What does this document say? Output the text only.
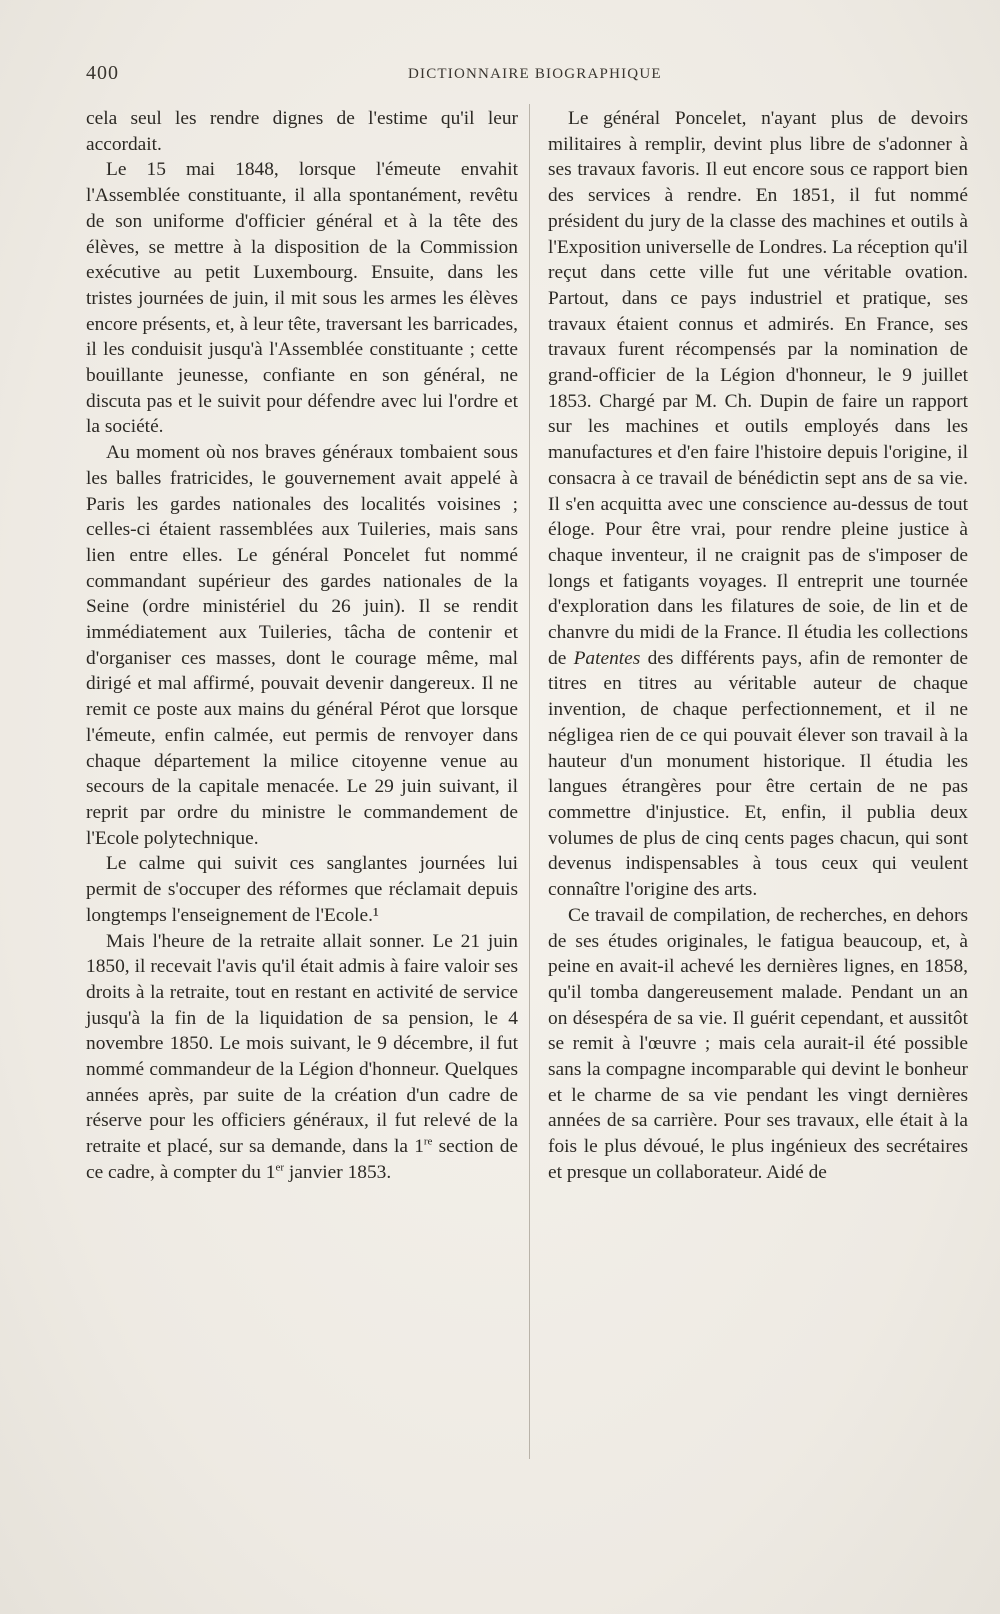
400	DICTIONNAIRE BIOGRAPHIQUE

cela seul les rendre dignes de l'estime qu'il leur accordait.

Le 15 mai 1848, lorsque l'émeute envahit l'Assemblée constituante, il alla spontanément, revêtu de son uniforme d'officier général et à la tête des élèves, se mettre à la disposition de la Commission exécutive au petit Luxembourg. Ensuite, dans les tristes journées de juin, il mit sous les armes les élèves encore présents, et, à leur tête, traversant les barricades, il les conduisit jusqu'à l'Assemblée constituante ; cette bouillante jeunesse, confiante en son général, ne discuta pas et le suivit pour défendre avec lui l'ordre et la société.

Au moment où nos braves généraux tombaient sous les balles fratricides, le gouvernement avait appelé à Paris les gardes nationales des localités voisines ; celles-ci étaient rassemblées aux Tuileries, mais sans lien entre elles. Le général Poncelet fut nommé commandant supérieur des gardes nationales de la Seine (ordre ministériel du 26 juin). Il se rendit immédiatement aux Tuileries, tâcha de contenir et d'organiser ces masses, dont le courage même, mal dirigé et mal affirmé, pouvait devenir dangereux. Il ne remit ce poste aux mains du général Pérot que lorsque l'émeute, enfin calmée, eut permis de renvoyer dans chaque département la milice citoyenne venue au secours de la capitale menacée. Le 29 juin suivant, il reprit par ordre du ministre le commandement de l'Ecole polytechnique.

Le calme qui suivit ces sanglantes journées lui permit de s'occuper des réformes que réclamait depuis longtemps l'enseignement de l'Ecole.¹

Mais l'heure de la retraite allait sonner. Le 21 juin 1850, il recevait l'avis qu'il était admis à faire valoir ses droits à la retraite, tout en restant en activité de service jusqu'à la fin de la liquidation de sa pension, le 4 novembre 1850. Le mois suivant, le 9 décembre, il fut nommé commandeur de la Légion d'honneur. Quelques années après, par suite de la création d'un cadre de réserve pour les officiers généraux, il fut relevé de la retraite et placé, sur sa demande, dans la 1re section de ce cadre, à compter du 1er janvier 1853.

Le général Poncelet, n'ayant plus de devoirs militaires à remplir, devint plus libre de s'adonner à ses travaux favoris. Il eut encore sous ce rapport bien des services à rendre. En 1851, il fut nommé président du jury de la classe des machines et outils à l'Exposition universelle de Londres. La réception qu'il reçut dans cette ville fut une véritable ovation. Partout, dans ce pays industriel et pratique, ses travaux étaient connus et admirés. En France, ses travaux furent récompensés par la nomination de grand-officier de la Légion d'honneur, le 9 juillet 1853. Chargé par M. Ch. Dupin de faire un rapport sur les machines et outils employés dans les manufactures et d'en faire l'histoire depuis l'origine, il consacra à ce travail de bénédictin sept ans de sa vie. Il s'en acquitta avec une conscience au-dessus de tout éloge. Pour être vrai, pour rendre pleine justice à chaque inventeur, il ne craignit pas de s'imposer de longs et fatigants voyages. Il entreprit une tournée d'exploration dans les filatures de soie, de lin et de chanvre du midi de la France. Il étudia les collections de Patentes des différents pays, afin de remonter de titres en titres au véritable auteur de chaque invention, de chaque perfectionnement, et il ne négligea rien de ce qui pouvait élever son travail à la hauteur d'un monument historique. Il étudia les langues étrangères pour être certain de ne pas commettre d'injustice. Et, enfin, il publia deux volumes de plus de cinq cents pages chacun, qui sont devenus indispensables à tous ceux qui veulent connaître l'origine des arts.

Ce travail de compilation, de recherches, en dehors de ses études originales, le fatigua beaucoup, et, à peine en avait-il achevé les dernières lignes, en 1858, qu'il tomba dangereusement malade. Pendant un an on désespéra de sa vie. Il guérit cependant, et aussitôt se remit à l'œuvre ; mais cela aurait-il été possible sans la compagne incomparable qui devint le bonheur et le charme de sa vie pendant les vingt dernières années de sa carrière. Pour ses travaux, elle était à la fois le plus dévoué, le plus ingénieux des secrétaires et presque un collaborateur. Aidé de
